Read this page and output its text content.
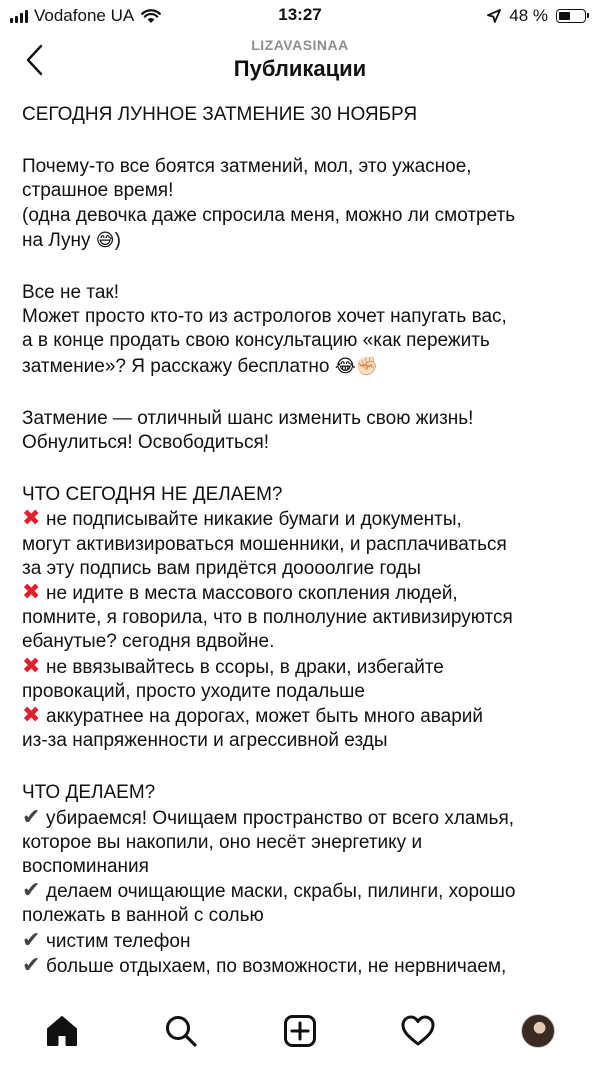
Vodafone UA	13:27	48 %
LIZAVASINAA
Публикации
СЕГОДНЯ ЛУННОЕ ЗАТМЕНИЕ 30 НОЯБРЯ
Почему-то все боятся затмений, мол, это ужасное,
страшное время!
(одна девочка даже спросила меня, можно ли смотреть
на Луну 😅)
Все не так!
Может просто кто-то из астрологов хочет напугать вас,
а в конце продать свою консультацию «как пережить
затмение»? Я расскажу бесплатно 😂✊🏻
Затмение — отличный шанс изменить свою жизнь!
Обнулиться! Освободиться!
ЧТО СЕГОДНЯ НЕ ДЕЛАЕМ?
✖ не подписывайте никакие бумаги и документы,
могут активизироваться мошенники, и расплачиваться
за эту подпись вам придётся доооолгие годы
✖ не идите в места массового скопления людей,
помните, я говорила, что в полнолуние активизируются
ебанутые? сегодня вдвойне.
✖ не ввязывайтесь в ссоры, в драки, избегайте
провокаций, просто уходите подальше
✖ аккуратнее на дорогах, может быть много аварий
из-за напряженности и агрессивной езды
ЧТО ДЕЛАЕМ?
✔ убираемся! Очищаем пространство от всего хламья,
которое вы накопили, оно несёт энергетику и
воспоминания
✔ делаем очищающие маски, скрабы, пилинги, хорошо
полежать в ванной с солью
✔ чистим телефон
✔ больше отдыхаем, по возможности, не нервничаем,
